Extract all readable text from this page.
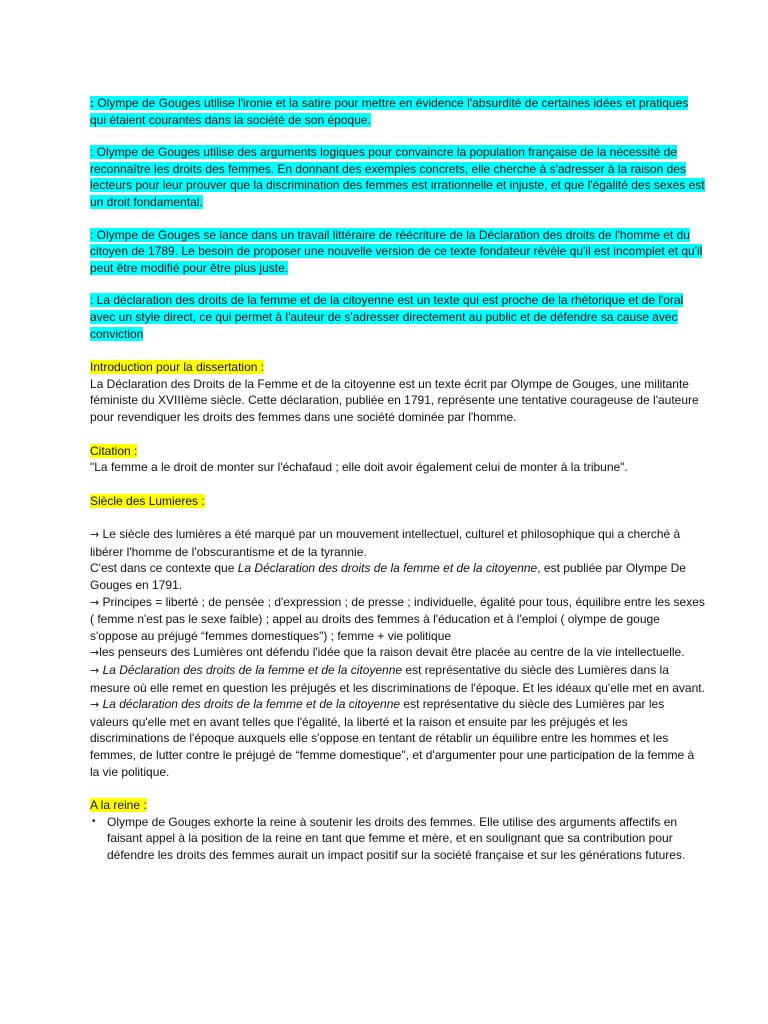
: Olympe de Gouges utilise l'ironie et la satire pour mettre en évidence l'absurdité de certaines idées et pratiques qui étaient courantes dans la société de son époque.

: Olympe de Gouges utilise des arguments logiques pour convaincre la population française de la nécessité de reconnaître les droits des femmes. En donnant des exemples concrets, elle cherche à s'adresser à la raison des lecteurs pour leur prouver que la discrimination des femmes est irrationnelle et injuste, et que l'égalité des sexes est un droit fondamental.

: Olympe de Gouges se lance dans un travail littéraire de réécriture de la Déclaration des droits de l'homme et du citoyen de 1789. Le besoin de proposer une nouvelle version de ce texte fondateur révèle qu'il est incomplet et qu'il peut être modifié pour être plus juste.

: La déclaration des droits de la femme et de la citoyenne est un texte qui est proche de la rhétorique et de l'oral avec un style direct, ce qui permet à l'auteur de s'adresser directement au public et de défendre sa cause avec conviction

Introduction pour la dissertation :

La Déclaration des Droits de la Femme et de la citoyenne est un texte écrit par Olympe de Gouges, une militante féministe du XVIIIème siècle. Cette déclaration, publiée en 1791, représente une tentative courageuse de l'auteure pour revendiquer les droits des femmes dans une société dominée par l'homme.

Citation :

"La femme a le droit de monter sur l'échafaud ; elle doit avoir également celui de monter à la tribune".

Siècle des Lumieres :

→ Le siècle des lumières a été marqué par un mouvement intellectuel, culturel et philosophique qui a cherché à libérer l'homme de l'obscurantisme et de la tyrannie.

C'est dans ce contexte que La Déclaration des droits de la femme et de la citoyenne, est publiée par Olympe De Gouges en 1791.

→ Principes = liberté ; de pensée ; d'expression ; de presse ; individuelle, égalité pour tous, équilibre entre les sexes ( femme n'est pas le sexe faible) ; appel au droits des femmes à l'éducation et à l'emploi ( olympe de gouge s'oppose au préjugé “femmes domestiques") ; femme + vie politique

→les penseurs des Lumières ont défendu l'idée que la raison devait être placée au centre de la vie intellectuelle.

→ La Déclaration des droits de la femme et de la citoyenne est représentative du siècle des Lumières dans la mesure où elle remet en question les préjugés et les discriminations de l'époque. Et les idéaux qu'elle met en avant.

→ La déclaration des droits de la femme et de la citoyenne est représentative du siècle des Lumières par les valeurs qu'elle met en avant telles que l'égalité, la liberté et la raison et ensuite par les préjugés et les discriminations de l'époque auxquels elle s'oppose en tentant de rétablir un équilibre entre les hommes et les femmes, de lutter contre le préjugé de “femme domestique", et d'argumenter pour une participation de la femme à la vie politique.

A la reine :

• Olympe de Gouges exhorte la reine à soutenir les droits des femmes. Elle utilise des arguments affectifs en faisant appel à la position de la reine en tant que femme et mère, et en soulignant que sa contribution pour défendre les droits des femmes aurait un impact positif sur la société française et sur les générations futures.
